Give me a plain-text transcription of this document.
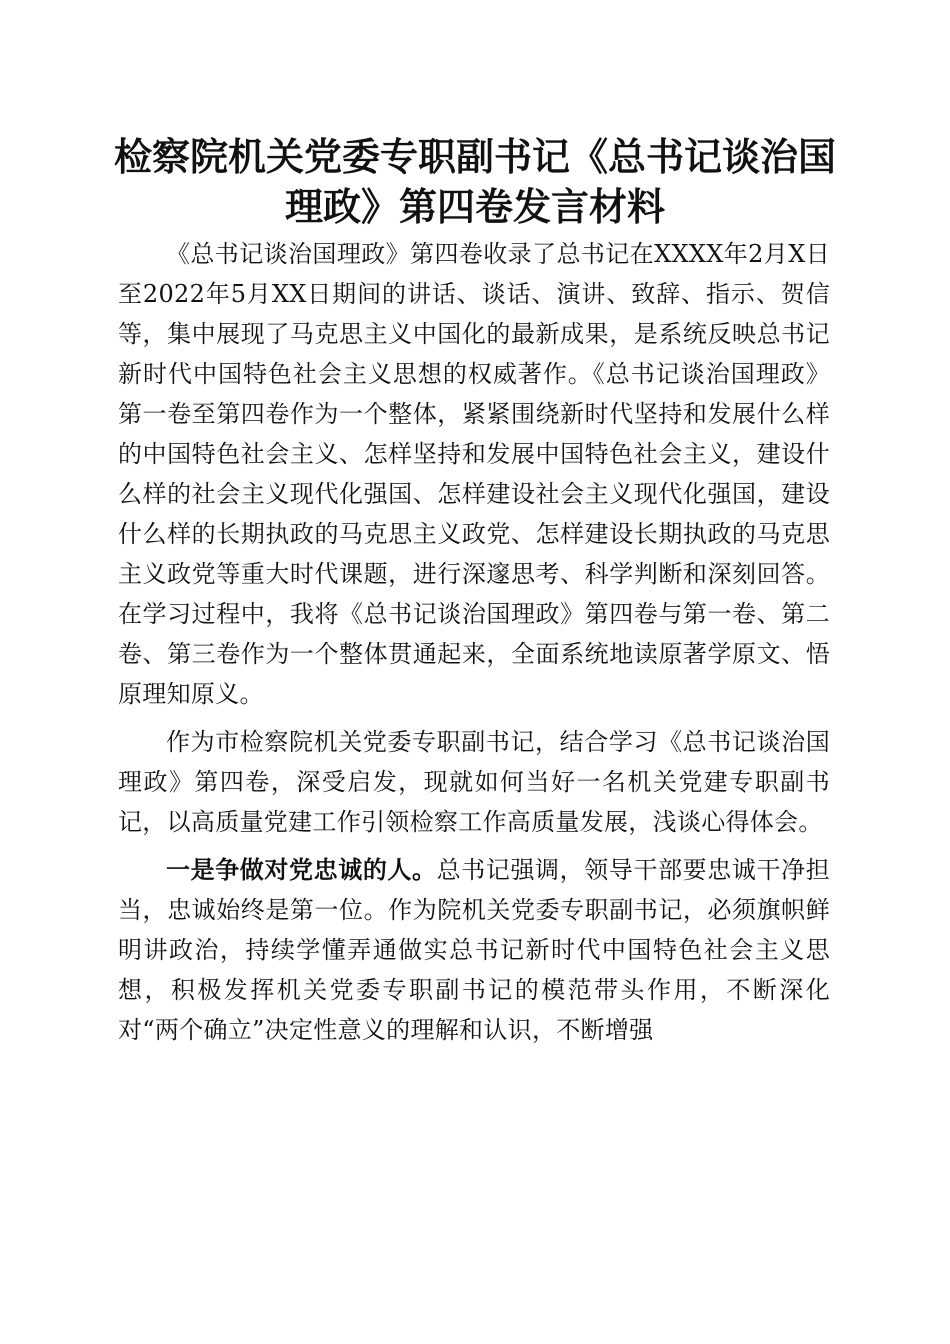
检察院机关党委专职副书记《总书记谈治国理政》第四卷发言材料

《总书记谈治国理政》第四卷收录了总书记在XXXX年2月X日至2022年5月XX日期间的讲话、谈话、演讲、致辞、指示、贺信等，集中展现了马克思主义中国化的最新成果，是系统反映总书记新时代中国特色社会主义思想的权威著作。《总书记谈治国理政》第一卷至第四卷作为一个整体，紧紧围绕新时代坚持和发展什么样的中国特色社会主义、怎样坚持和发展中国特色社会主义，建设什么样的社会主义现代化强国、怎样建设社会主义现代化强国，建设什么样的长期执政的马克思主义政党、怎样建设长期执政的马克思主义政党等重大时代课题，进行深邃思考、科学判断和深刻回答。在学习过程中，我将《总书记谈治国理政》第四卷与第一卷、第二卷、第三卷作为一个整体贯通起来，全面系统地读原著学原文、悟原理知原义。

作为市检察院机关党委专职副书记，结合学习《总书记谈治国理政》第四卷，深受启发，现就如何当好一名机关党建专职副书记，以高质量党建工作引领检察工作高质量发展，浅谈心得体会。

一是争做对党忠诚的人。总书记强调，领导干部要忠诚干净担当，忠诚始终是第一位。作为院机关党委专职副书记，必须旗帜鲜明讲政治，持续学懂弄通做实总书记新时代中国特色社会主义思想，积极发挥机关党委专职副书记的模范带头作用，不断深化对“两个确立”决定性意义的理解和认识，不断增强
